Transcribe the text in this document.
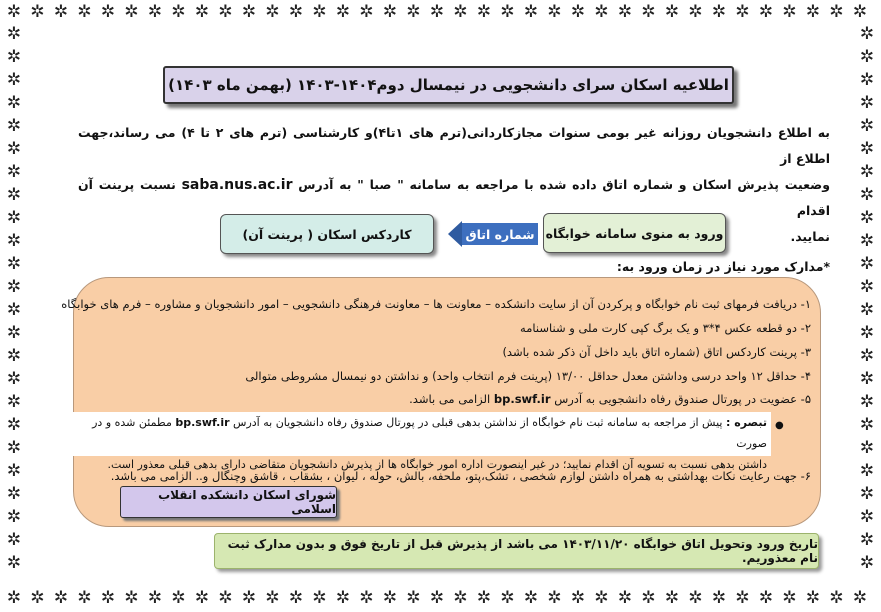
✲
✲
✲
✲
✲
✲
✲
✲
✲
✲
✲
✲
✲
✲
✲
✲
✲
✲
✲
✲
✲
✲
✲
✲
✲
✲
✲
✲
✲
✲
✲
✲
✲
✲
✲
✲
✲
✲
✲
✲
✲
✲
✲
✲
✲
✲
✲
✲
✲
✲
✲
✲
✲
✲
✲
✲
✲
✲
✲
✲
✲
✲
✲
✲
✲
✲
✲
✲
✲
✲
✲
✲
✲
✲
✲	✲
✲	✲
✲	✲
✲	✲
✲	✲
✲	✲
✲	✲
✲	✲
✲	✲
✲	✲
✲	✲
✲	✲
✲	✲
✲	✲
✲	✲
✲	✲
✲	✲
✲	✲
✲	✲
✲	✲
✲	✲
✲	✲
✲	✲
✲	✲
اطلاعیه اسکان سرای دانشجویی در نیمسال دوم۱۴۰۴-۱۴۰۳ (بهمن ماه ۱۴۰۳)
به اطلاع دانشجویان روزانه غیر بومی سنوات مجازکاردانی(ترم های ۱تا۴)و کارشناسی (ترم های ۲ تا ۴) می رساند،جهت اطلاع از
وضعیت پذیرش اسکان و شماره اتاق داده شده با مراجعه به سامانه " صبا " به آدرس saba.nus.ac.ir نسبت پرینت آن اقدام
نمایید.
کاردکس اسکان ( پرینت آن)	شماره اتاق ورود به منوی سامانه خوابگاه
*مدارک مورد نیاز در زمان ورود به:
۱- دریافت فرمهای ثبت نام خوابگاه و پرکردن آن از سایت دانشکده – معاونت ها – معاونت فرهنگی دانشجویی – امور دانشجویان و مشاوره – فرم های خوابگاه
۲- دو قطعه عکس ۴*۳ و یک برگ کپی کارت ملی و شناسنامه
۳- پرینت کاردکس اتاق (شماره اتاق باید داخل آن ذکر شده باشد)
۴- حداقل ۱۲ واحد درسی وداشتن معدل حداقل ۱۳/۰۰ (پرینت فرم انتخاب واحد) و نداشتن دو نیمسال مشروطی متوالی
۵- عضویت در پورتال صندوق رفاه دانشجویی به آدرس bp.swf.ir الزامی می باشد.
●
تبصره : پیش از مراجعه به سامانه ثبت نام خوابگاه از نداشتن بدهی قبلی در پورتال صندوق رفاه دانشجویان به آدرس bp.swf.ir مطمئن شده و در صورت
داشتن بدهی نسبت به تسویه آن اقدام نمایید؛ در غیر اینصورت اداره امور خوابگاه ها از پذیرش دانشجویان متقاضی دارای بدهی قبلی معذور است.
۶- جهت رعایت نکات بهداشتی به همراه داشتن لوازم شخصی ، تشک،پتو، ملحفه، بالش، حوله ، لیوان ، بشقاب ، قاشق وچنگال و.. الزامی می باشد.
شورای اسکان دانشکده انقلاب اسلامی
تاریخ ورود وتحویل اتاق خوابگاه ۱۴۰۳/۱۱/۲۰ می باشد از پذیرش قبل از تاریخ فوق و بدون مدارک ثبت نام معذوریم.
